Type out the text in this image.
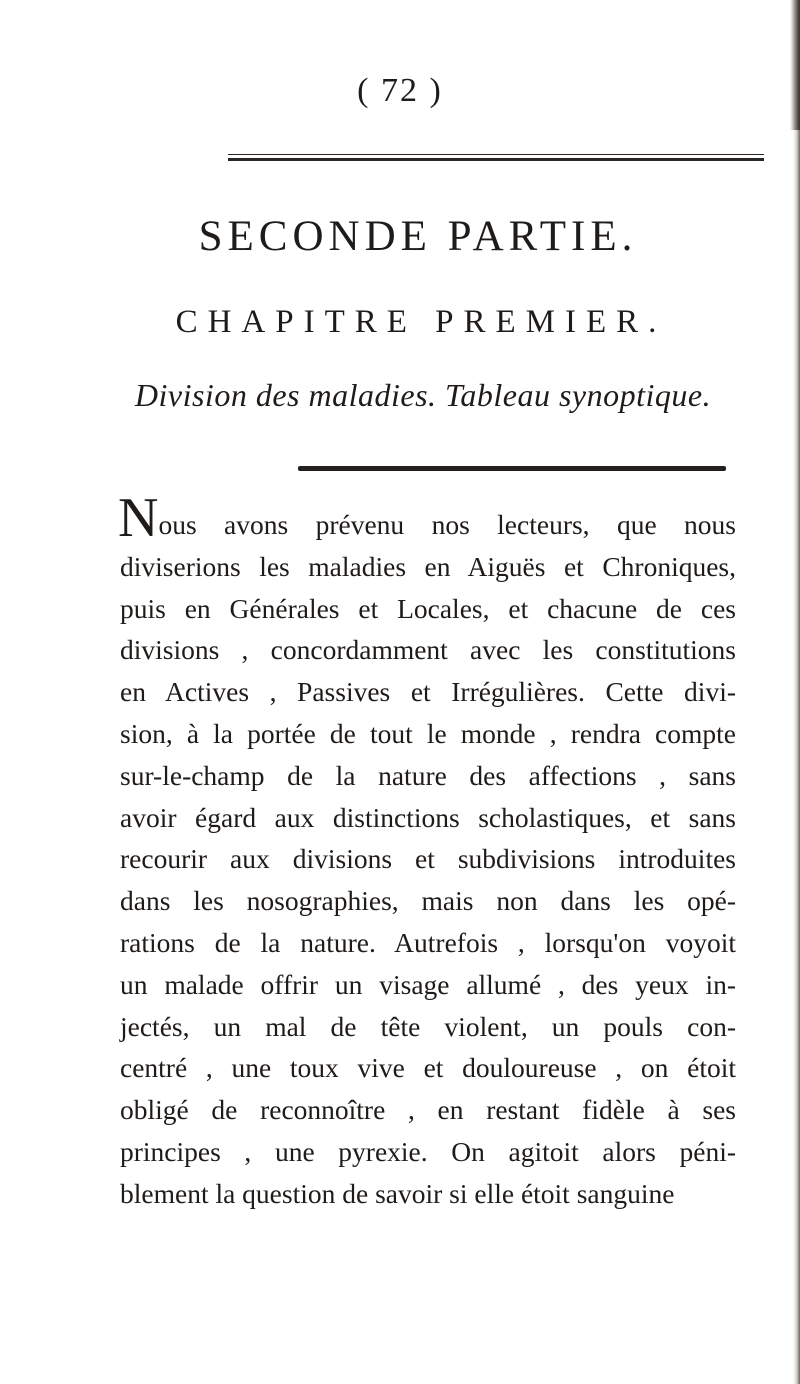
( 72 )
SECONDE PARTIE.
CHAPITRE PREMIER.
Division des maladies. Tableau synoptique.
Nous avons prévenu nos lecteurs, que nous
diviserions les maladies en Aiguës et Chroniques,
puis en Générales et Locales, et chacune de ces
divisions , concordamment avec les constitutions
en Actives , Passives et Irrégulières. Cette divi-
sion, à la portée de tout le monde , rendra compte
sur-le-champ de la nature des affections , sans
avoir égard aux distinctions scholastiques, et sans
recourir aux divisions et subdivisions introduites
dans les nosographies, mais non dans les opé-
rations de la nature. Autrefois , lorsqu'on voyoit
un malade offrir un visage allumé , des yeux in-
jectés, un mal de tête violent, un pouls con-
centré , une toux vive et douloureuse , on étoit
obligé de reconnoître , en restant fidèle à ses
principes , une pyrexie. On agitoit alors péni-
blement la question de savoir si elle étoit sanguine
